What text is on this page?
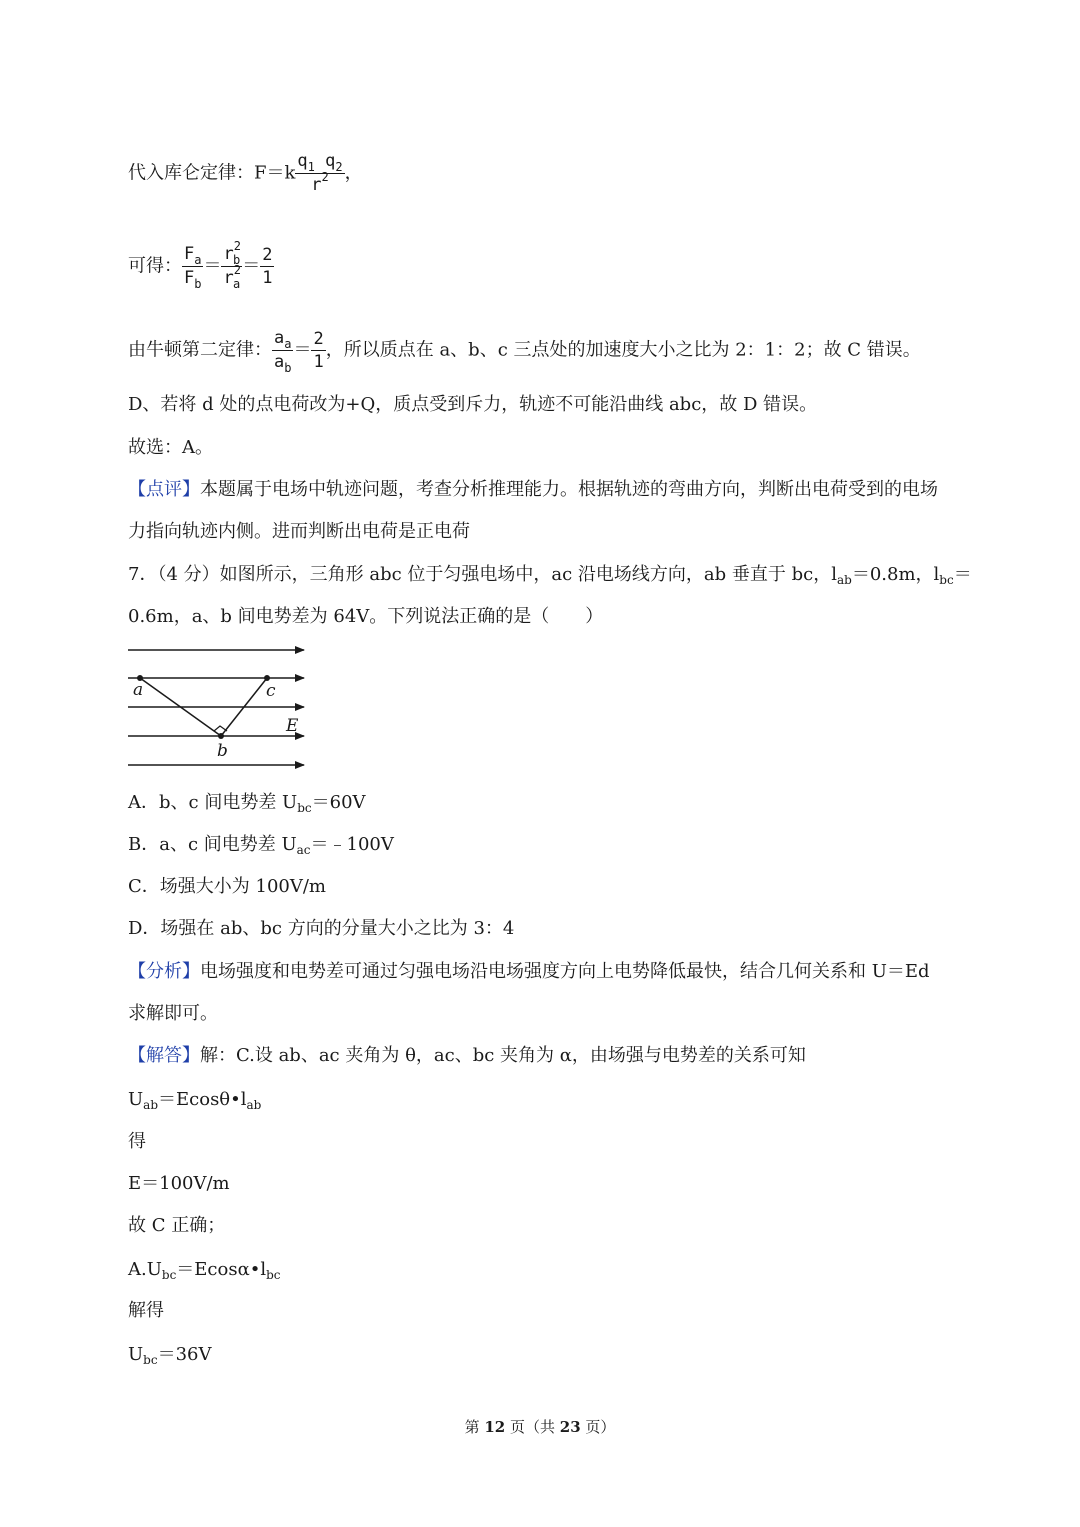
代入库仑定律：$F=k \frac{q_1 q_2}{r^2}$ ，
可得： $\frac{F_a}{F_b} = \frac{r^2_b}{r^2_a} = \frac{2}{1}$
由牛顿第二定律： $\frac{a_a}{a_b} = \frac{2}{1}$ ，所以质点在 a、b、c 三点处的加速度大小之比为 2：1：2；故 C 错误。
D、若将 d 处的点电荷改为+Q，质点受到斥力，轨迹不可能沿曲线 abc，故 D 错误。
故选：A。
【点评】本题属于电场中轨迹问题，考查分析推理能力。根据轨迹的弯曲方向，判断出电荷受到的电场
力指向轨迹内侧。进而判断出电荷是正电荷
7．（4 分）如图所示，三角形 abc 位于匀强电场中，ac 沿电场线方向，ab 垂直于 bc，$l_{ab}=0.8m$，$l_{bc}=$
0.6m，a、b 间电势差为 64V。下列说法正确的是（　　）
a	c
b
E
A．b、c 间电势差 $U_{bc}=60V$
B．a、c 间电势差 $U_{ac}=﹣100V$
C．场强大小为 100V/m
D．场强在 ab、bc 方向的分量大小之比为 3：4
【分析】电场强度和电势差可通过匀强电场沿电场强度方向上电势降低最快，结合几何关系和 U＝Ed
求解即可。
【解答】解：C.设 ab、ac 夹角为 θ，ac、bc 夹角为 α，由场强与电势差的关系可知
$U_{ab}=Ecos\theta•l_{ab}$
得
E＝100V/m
故 C 正确；
$A.U_{bc}=Ecos\alpha•l_{bc}$
解得
$U_{bc}=36V$
第 12 页（共 23 页）
